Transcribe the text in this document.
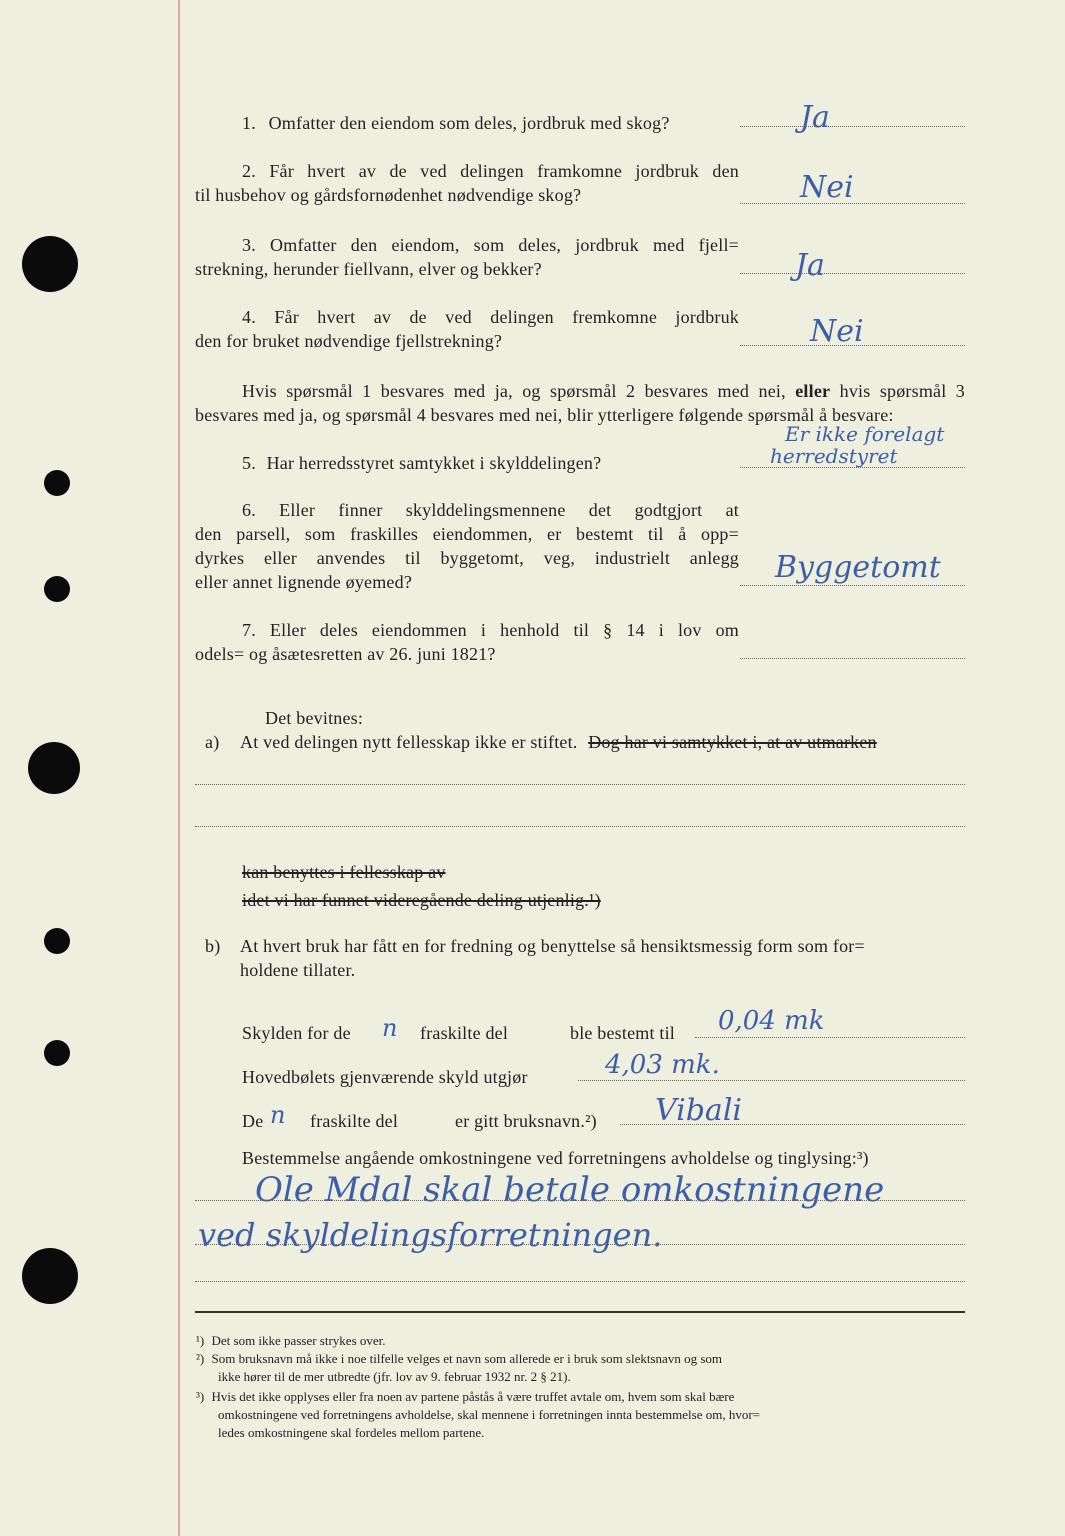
1. Omfatter den eiendom som deles, jordbruk med skog?	Ja
2. Får hvert av de ved delingen framkomne jordbruk den
til husbehov og gårdsfornødenhet nødvendige skog?	Nei
3. Omfatter den eiendom, som deles, jordbruk med fjell=
strekning, herunder fiellvann, elver og bekker?	Ja
4. Får hvert av de ved delingen fremkomne jordbruk
den for bruket nødvendige fjellstrekning?	Nei
Hvis spørsmål 1 besvares med ja, og spørsmål 2 besvares med nei, eller hvis spørsmål 3
besvares med ja, og spørsmål 4 besvares med nei, blir ytterligere følgende spørsmål å besvare:
5. Har herredsstyret samtykket i skylddelingen?
Er ikke forelagt
herredstyret
6. Eller finner skylddelingsmennene det godtgjort at
den parsell, som fraskilles eiendommen, er bestemt til å opp=
dyrkes eller anvendes til byggetomt, veg, industrielt anlegg
eller annet lignende øyemed?	Byggetomt
7. Eller deles eiendommen i henhold til § 14 i lov om
odels= og åsætesretten av 26. juni 1821?
Det bevitnes:
a) At ved delingen nytt fellesskap ikke er stiftet. Dog har vi samtykket i, at av utmarken
kan benyttes i fellesskap av
idet vi har funnet videregående deling utjenlig.¹)
b) At hvert bruk har fått en for fredning og benyttelse så hensiktsmessig form som for=
holdene tillater.
Skylden for de n fraskilte del	ble bestemt til 0,04 mk
Hovedbølets gjenværende skyld utgjør	4,03 mk.
De n fraskilte del	er gitt bruksnavn.²) Vibali
Bestemmelse angående omkostningene ved forretningens avholdelse og tinglysing:³)
Ole Mdal skal betale omkostningene
ved skyldelingsforretningen.
¹) Det som ikke passer strykes over.
²) Som bruksnavn må ikke i noe tilfelle velges et navn som allerede er i bruk som slektsnavn og som
ikke hører til de mer utbredte (jfr. lov av 9. februar 1932 nr. 2 § 21).
³) Hvis det ikke opplyses eller fra noen av partene påstås å være truffet avtale om, hvem som skal bære
omkostningene ved forretningens avholdelse, skal mennene i forretningen innta bestemmelse om, hvor=
ledes omkostningene skal fordeles mellom partene.
